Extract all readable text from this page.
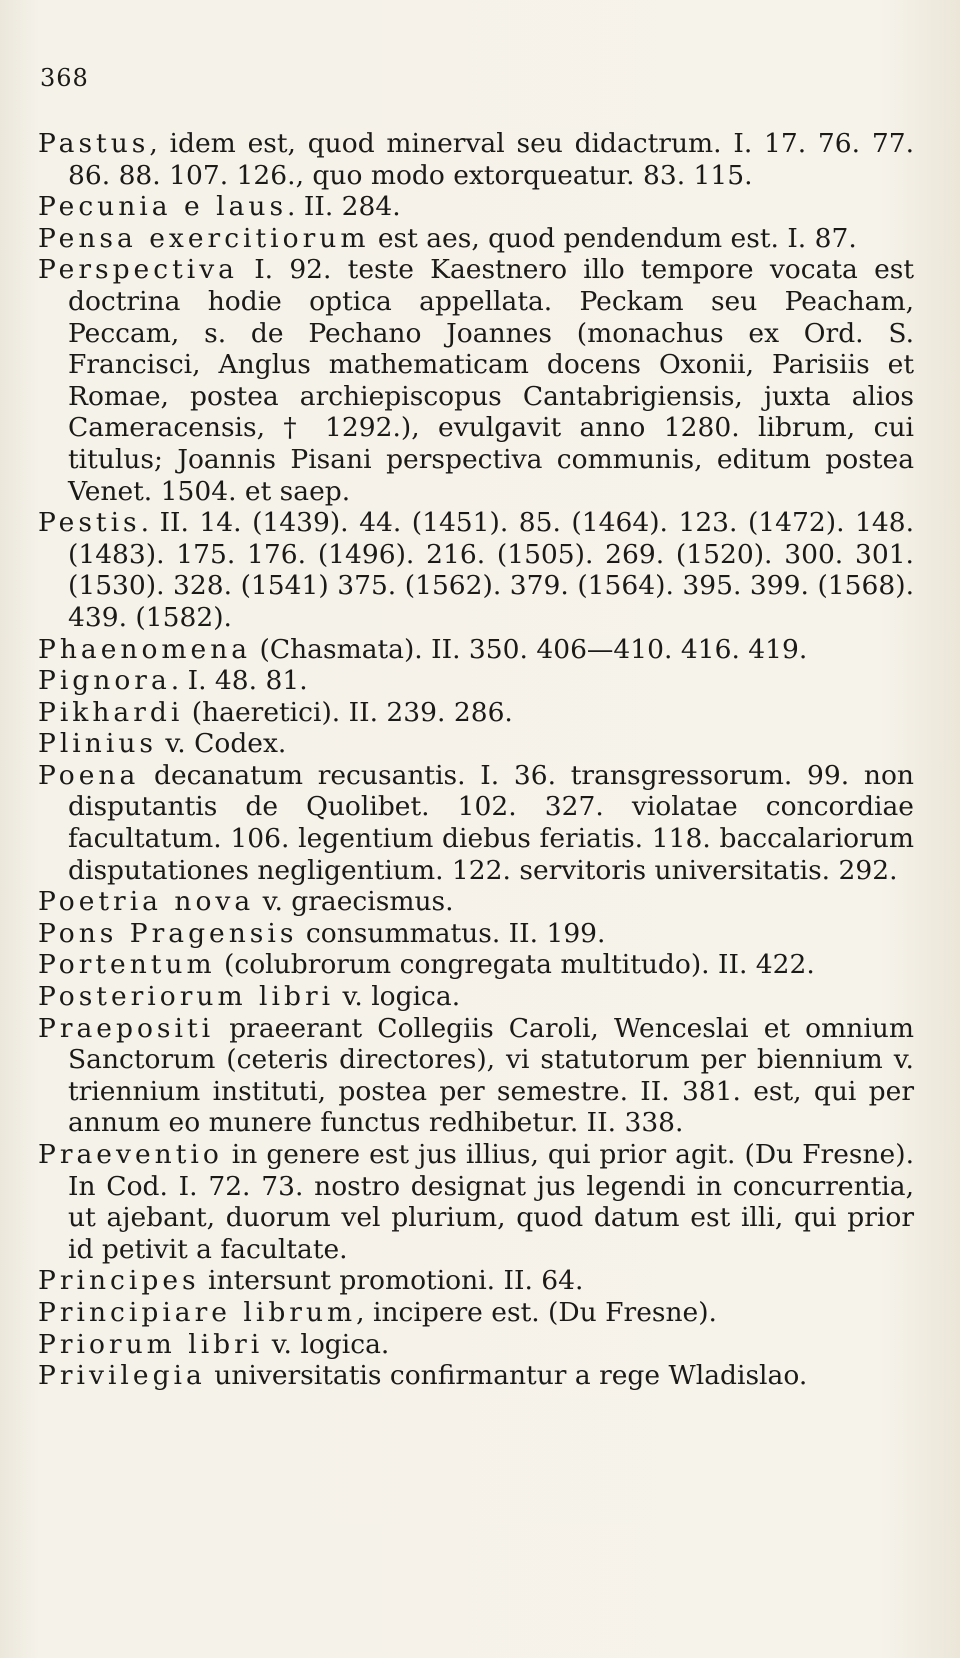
368
Pastus, idem est, quod minerval seu didactrum. I. 17. 76. 77. 86. 88. 107. 126., quo modo extorqueatur. 83. 115.
Pecunia e laus. II. 284.
Pensa exercitiorum est aes, quod pendendum est. I. 87.
Perspectiva I. 92. teste Kaestnero illo tempore vocata est doctrina hodie optica appellata. Peckam seu Peacham, Peccam, s. de Pechano Joannes (monachus ex Ord. S. Francisci, Anglus mathematicam docens Oxonii, Parisiis et Romae, postea archiepiscopus Cantabrigiensis, juxta alios Cameracensis, † 1292.), evulgavit anno 1280. librum, cui titulus; Joannis Pisani perspectiva communis, editum postea Venet. 1504. et saep.
Pestis. II. 14. (1439). 44. (1451). 85. (1464). 123. (1472). 148. (1483). 175. 176. (1496). 216. (1505). 269. (1520). 300. 301. (1530). 328. (1541) 375. (1562). 379. (1564). 395. 399. (1568). 439. (1582).
Phaenomena (Chasmata). II. 350. 406—410. 416. 419.
Pignora. I. 48. 81.
Pikhardi (haeretici). II. 239. 286.
Plinius v. Codex.
Poena decanatum recusantis. I. 36. transgressorum. 99. non disputantis de Quolibet. 102. 327. violatae concordiae facultatum. 106. legentium diebus feriatis. 118. baccalariorum disputationes negligentium. 122. servitoris universitatis. 292.
Poetria nova v. graecismus.
Pons Pragensis consummatus. II. 199.
Portentum (colubrorum congregata multitudo). II. 422.
Posteriorum libri v. logica.
Praepositi praeerant Collegiis Caroli, Wenceslai et omnium Sanctorum (ceteris directores), vi statutorum per biennium v. triennium instituti, postea per semestre. II. 381. est, qui per annum eo munere functus redhibetur. II. 338.
Praeventio in genere est jus illius, qui prior agit. (Du Fresne). In Cod. I. 72. 73. nostro designat jus legendi in concurrentia, ut ajebant, duorum vel plurium, quod datum est illi, qui prior id petivit a facultate.
Principes intersunt promotioni. II. 64.
Principiare librum, incipere est. (Du Fresne).
Priorum libri v. logica.
Privilegia universitatis confirmantur a rege Wladislao.
